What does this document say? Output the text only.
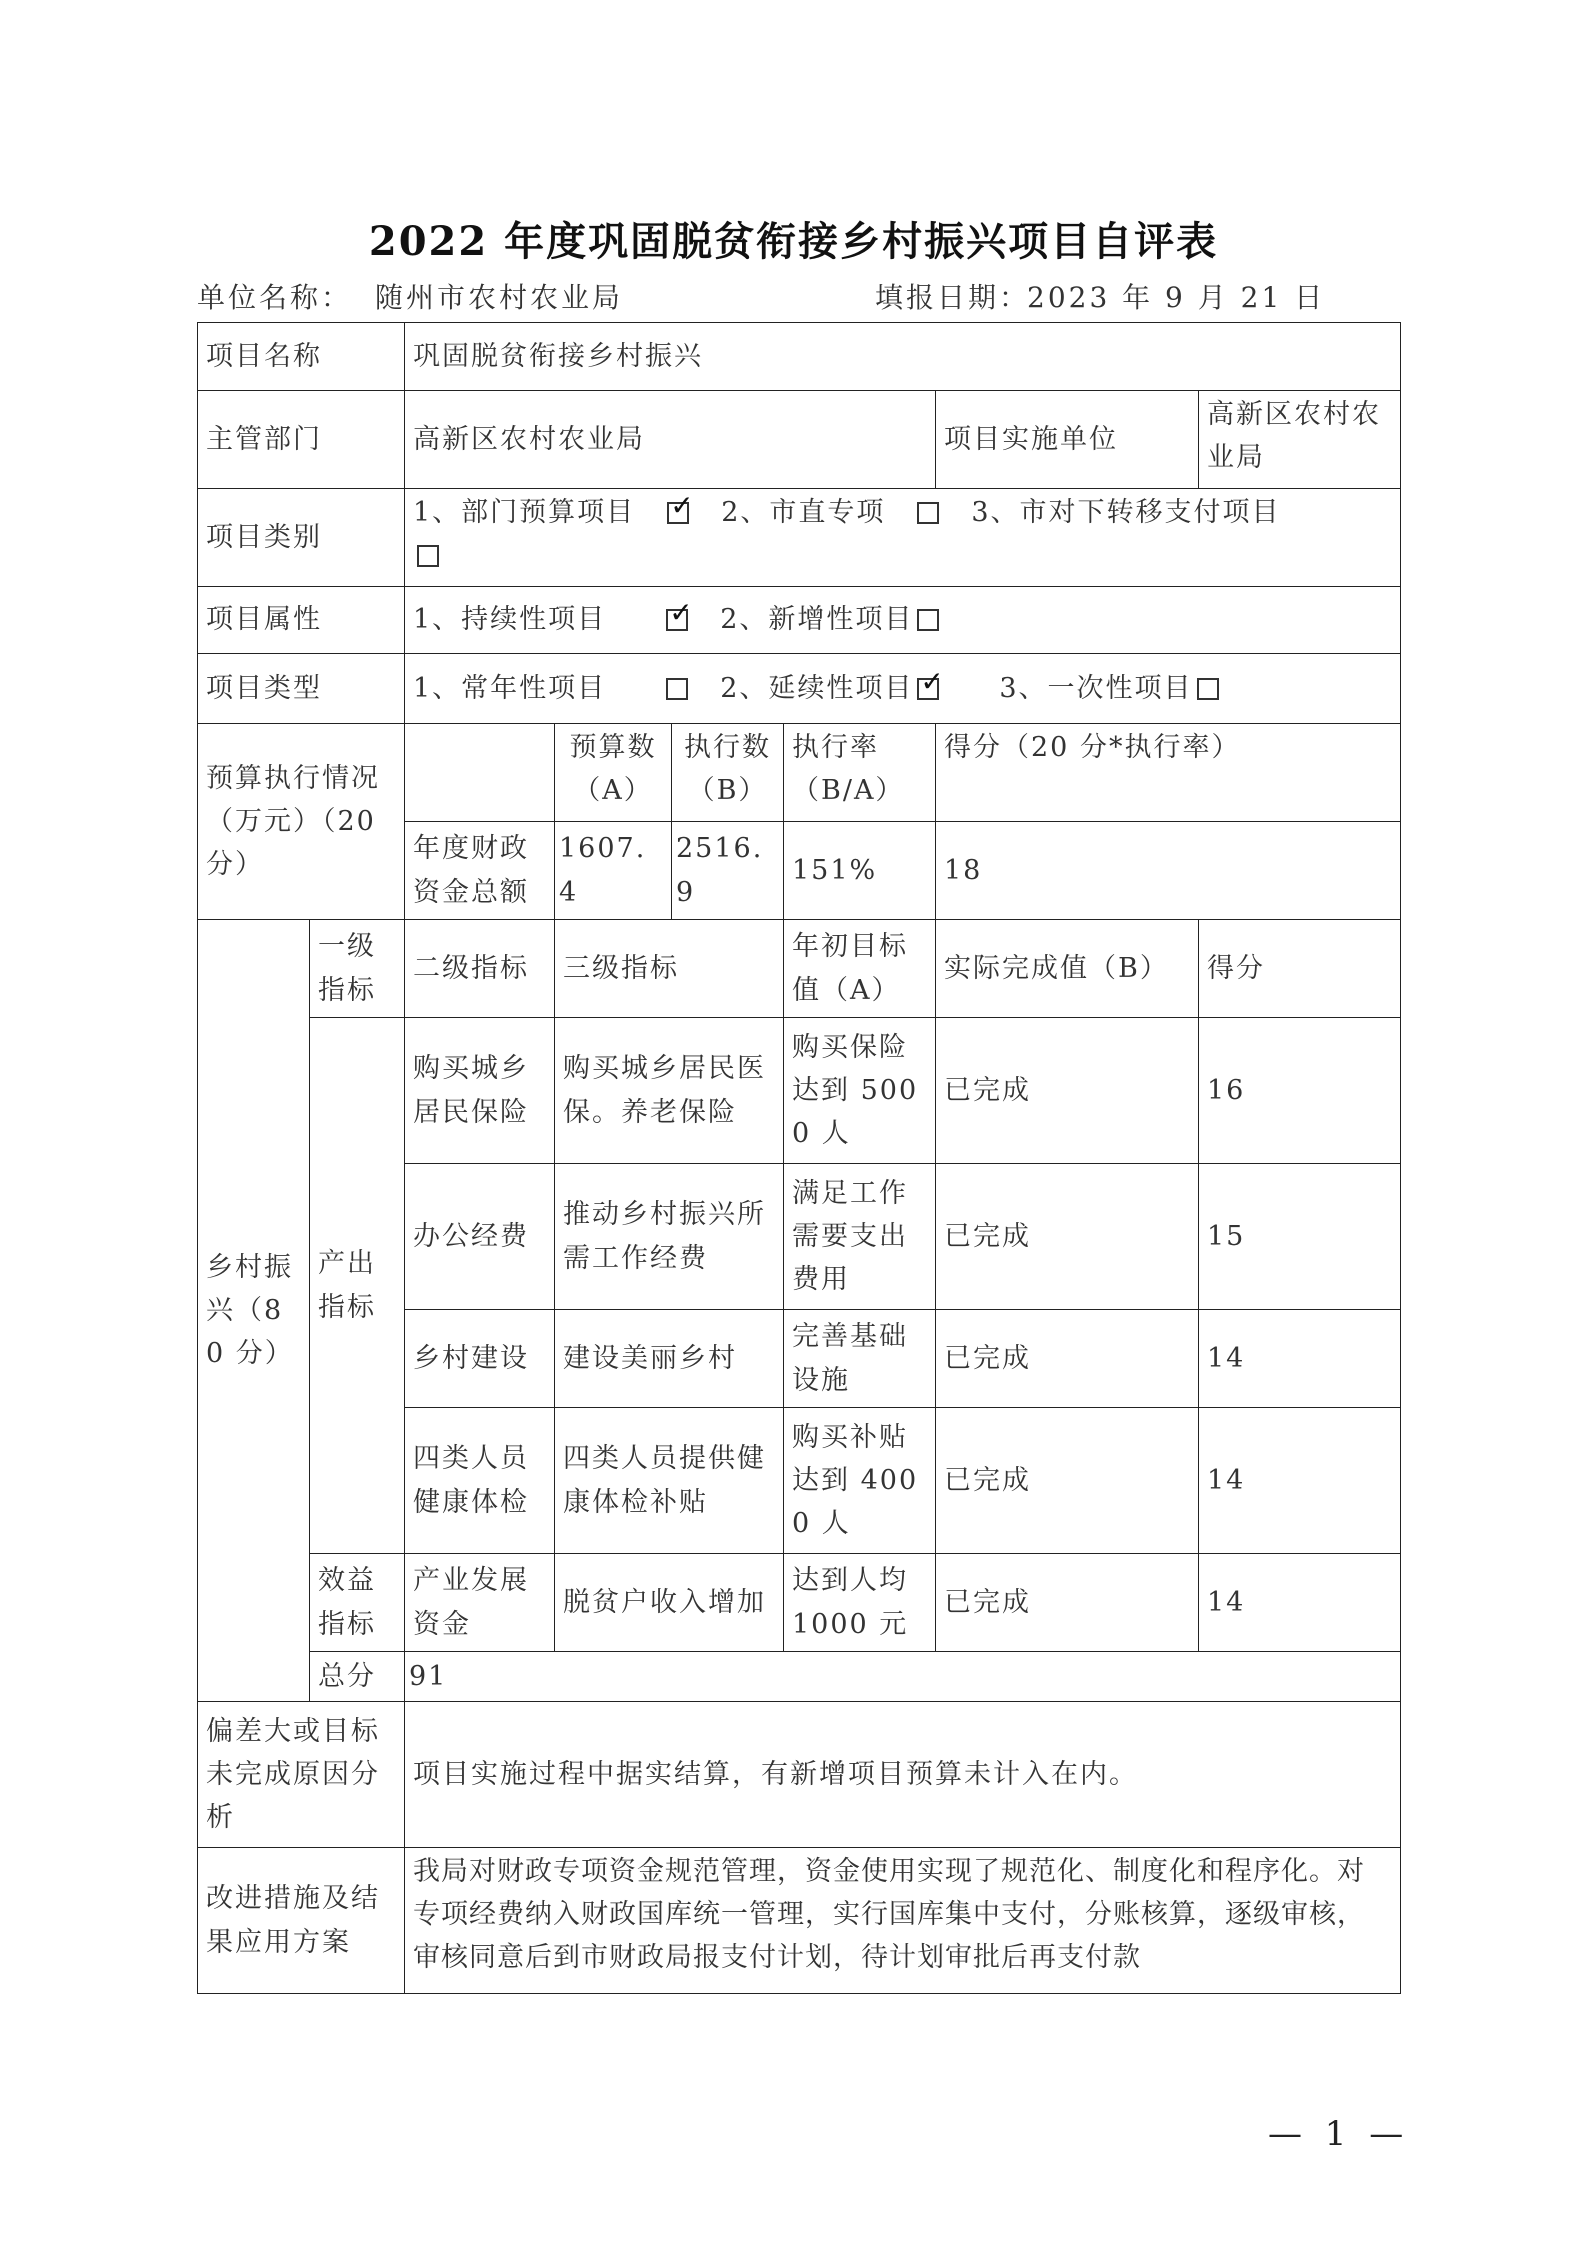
2022 年度巩固脱贫衔接乡村振兴项目自评表
单位名称： 随州市农村农业局	填报日期：
2023 年 9 月 21 日
项目名称		巩固脱贫衔接乡村振兴					
主管部门		高新区农村农业局				项目实施单位	高新区农村农业局
项目类别		1、部门预算项目 ✓ 2、市直专项 3、市对下转移支付项目

项目属性		1、持续性项目 ✓ 2、新增性项目
项目类型		1、常年性项目 2、延续性项目 ✓ 3、一次性项目
预算执行情况（万元）（20 分）			预算数（A）	执行数（B）	执行率（B/A）	得分（20 分*执行率）	
		年度财政资金总额	1607.4	2516.9	151%	18	
乡村振兴（80 分）	一级指标	二级指标	三级指标		年初目标值（A）	实际完成值（B）	得分
	产出指标	购买城乡居民保险	购买城乡居民医保。养老保险		购买保险达到 5000 人	已完成	16
		办公经费	推动乡村振兴所需工作经费		满足工作需要支出费用	已完成	15
		乡村建设	建设美丽乡村		完善基础设施	已完成	14
		四类人员健康体检	四类人员提供健康体检补贴		购买补贴达到 4000 人	已完成	14
	效益指标	产业发展资金	脱贫户收入增加		达到人均1000 元	已完成	14
	总分	91					
偏差大或目标未完成原因分析		项目实施过程中据实结算，有新增项目预算未计入在内。					
改进措施及结果应用方案		我局对财政专项资金规范管理，资金使用实现了规范化、制度化和程序化。对专项经费纳入财政国库统一管理，实行国库集中支付，分账核算，逐级审核，审核同意后到市财政局报支付计划，待计划审批后再支付款					
— 1 —
